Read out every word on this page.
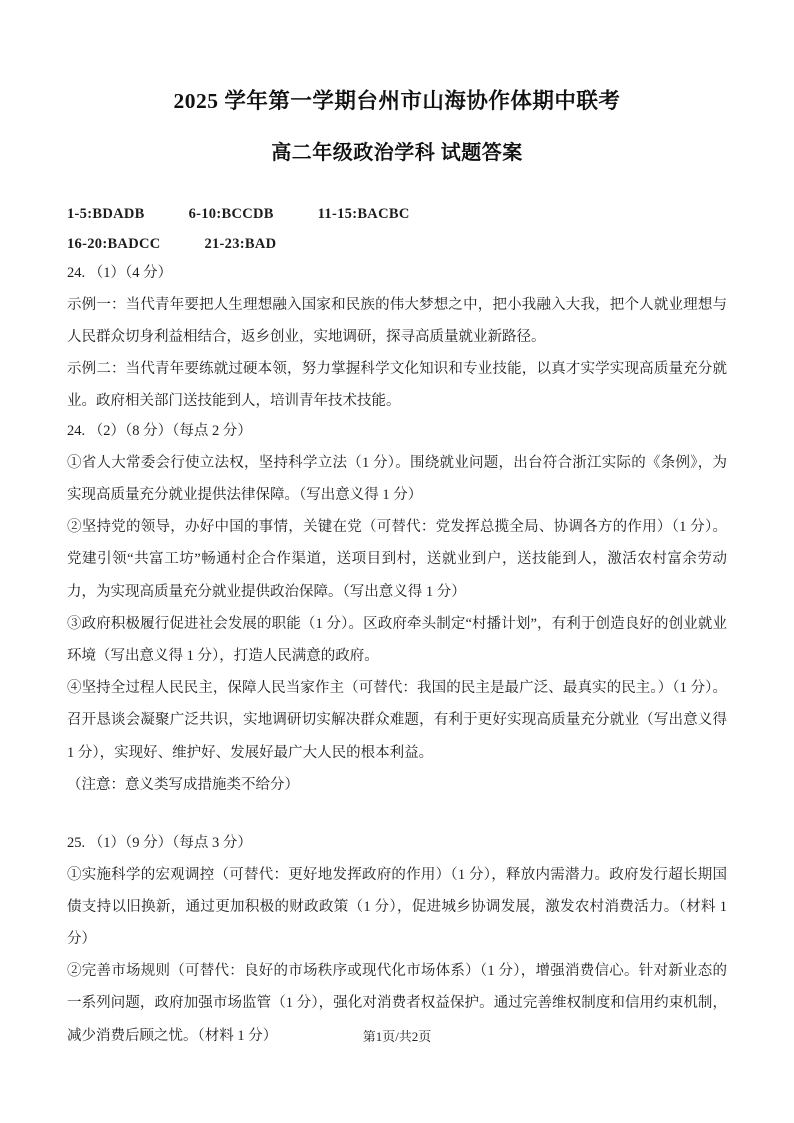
2025 学年第一学期台州市山海协作体期中联考
高二年级政治学科 试题答案
1-5:BDADB	6-10:BCCDB	11-15:BACBC
16-20:BADCC	21-23:BAD
24. （1）（4 分）

示例一：当代青年要把人生理想融入国家和民族的伟大梦想之中，把小我融入大我，把个人就业理想与人民群众切身利益相结合，返乡创业，实地调研，探寻高质量就业新路径。

示例二：当代青年要练就过硬本领，努力掌握科学文化知识和专业技能，以真才实学实现高质量充分就业。政府相关部门送技能到人，培训青年技术技能。

24. （2）（8 分）（每点 2 分）

①省人大常委会行使立法权，坚持科学立法（1 分）。围绕就业问题，出台符合浙江实际的《条例》，为实现高质量充分就业提供法律保障。（写出意义得 1 分）

②坚持党的领导，办好中国的事情，关键在党（可替代：党发挥总揽全局、协调各方的作用）（1 分）。党建引领“共富工坊”畅通村企合作渠道，送项目到村，送就业到户，送技能到人，激活农村富余劳动力，为实现高质量充分就业提供政治保障。（写出意义得 1 分）

③政府积极履行促进社会发展的职能（1 分）。区政府牵头制定“村播计划”，有利于创造良好的创业就业环境（写出意义得 1 分），打造人民满意的政府。

④坚持全过程人民民主，保障人民当家作主（可替代：我国的民主是最广泛、最真实的民主。）（1 分）。召开恳谈会凝聚广泛共识，实地调研切实解决群众难题，有利于更好实现高质量充分就业（写出意义得 1 分），实现好、维护好、发展好最广大人民的根本利益。

（注意：意义类写成措施类不给分）

25. （1）（9 分）（每点 3 分）

①实施科学的宏观调控（可替代：更好地发挥政府的作用）（1 分），释放内需潜力。政府发行超长期国债支持以旧换新，通过更加积极的财政政策（1 分），促进城乡协调发展，激发农村消费活力。（材料 1 分）

②完善市场规则（可替代：良好的市场秩序或现代化市场体系）（1 分），增强消费信心。针对新业态的一系列问题，政府加强市场监管（1 分），强化对消费者权益保护。通过完善维权制度和信用约束机制，减少消费后顾之忧。（材料 1 分）	第1页/共2页
